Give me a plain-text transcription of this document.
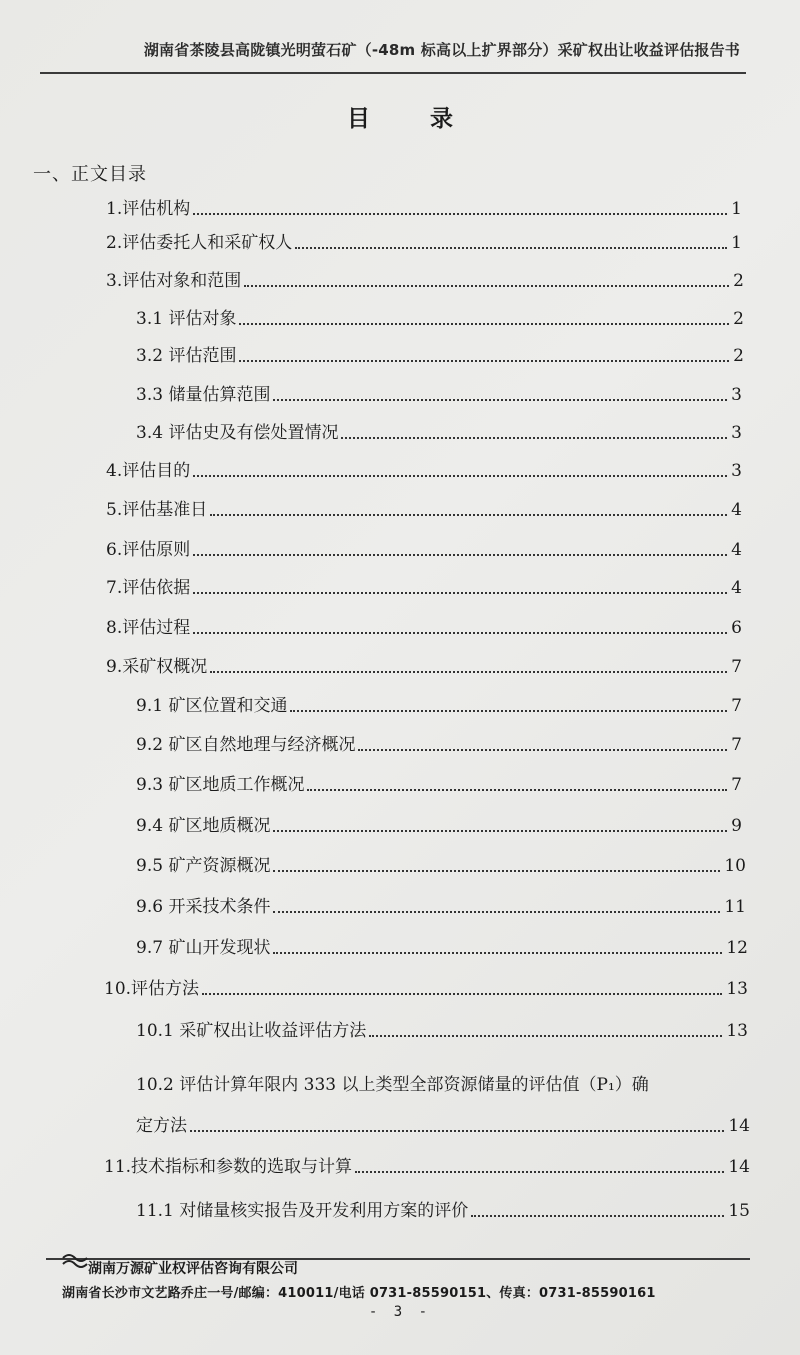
湖南省茶陵县高陇镇光明萤石矿（-48m 标高以上扩界部分）采矿权出让收益评估报告书
目 录
一、正文目录
1.评估机构	1
2.评估委托人和采矿权人	1
3.评估对象和范围	2
3.1 评估对象	2
3.2 评估范围	2
3.3 储量估算范围	3
3.4 评估史及有偿处置情况	3
4.评估目的	3
5.评估基准日	4
6.评估原则	4
7.评估依据	4
8.评估过程	6
9.采矿权概况	7
9.1 矿区位置和交通	7
9.2 矿区自然地理与经济概况	7
9.3 矿区地质工作概况	7
9.4 矿区地质概况	9
9.5 矿产资源概况	10
9.6 开采技术条件	11
9.7 矿山开发现状	12
10.评估方法	13
10.1 采矿权出让收益评估方法	13
10.2 评估计算年限内 333 以上类型全部资源储量的评估值（P₁）确
定方法	14
11.技术指标和参数的选取与计算	14
11.1 对储量核实报告及开发利用方案的评价	15
湖南万源矿业权评估咨询有限公司
湖南省长沙市文艺路乔庄一号/邮编：410011/电话 0731-85590151、传真：0731-85590161
- 3 -
